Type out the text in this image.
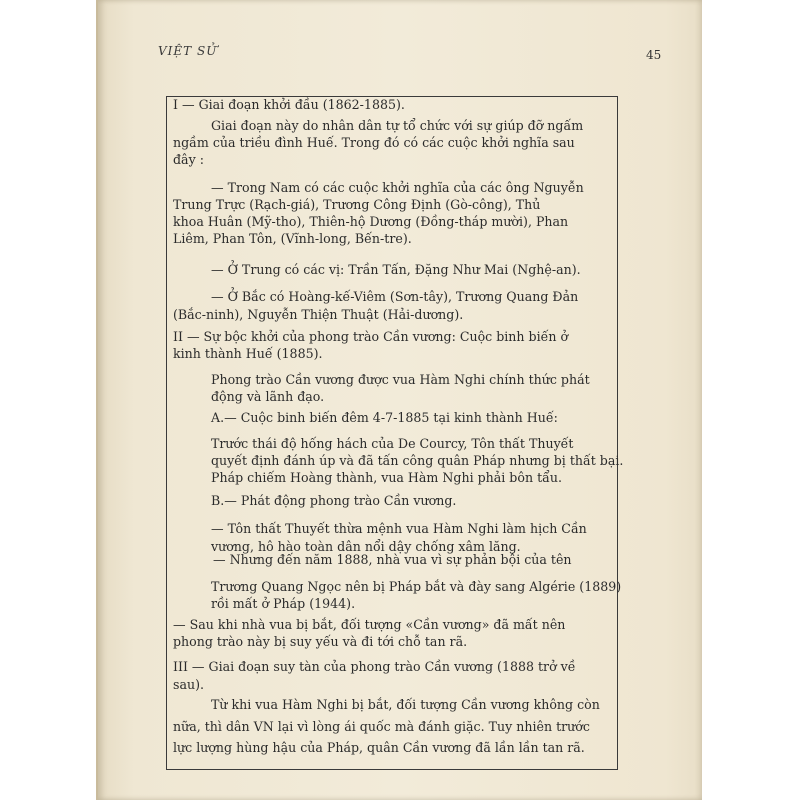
VIỆT SỬ	45
I — Giai đoạn khởi đầu (1862-1885).
Giai đoạn này do nhân dân tự tổ chức với sự giúp đỡ ngấm
ngầm của triều đình Huế. Trong đó có các cuộc khởi nghĩa sau
đây :
— Trong Nam có các cuộc khởi nghĩa của các ông Nguyễn
Trung Trực (Rạch-giá), Trương Công Định (Gò-công), Thủ
khoa Huân (Mỹ-tho), Thiên-hộ Dương (Đồng-tháp mười), Phan
Liêm, Phan Tôn, (Vĩnh-long, Bến-tre).
— Ở Trung có các vị: Trần Tấn, Đặng Như Mai (Nghệ-an).
— Ở Bắc có Hoàng-kế-Viêm (Sơn-tây), Trương Quang Đản
(Bắc-ninh), Nguyễn Thiện Thuật (Hải-dương).
II — Sự bộc khởi của phong trào Cần vương: Cuộc binh biến ở
kinh thành Huế (1885).
Phong trào Cần vương được vua Hàm Nghi chính thức phát
động và lãnh đạo.
A.— Cuộc binh biến đêm 4-7-1885 tại kinh thành Huế:
Trước thái độ hống hách của De Courcy, Tôn thất Thuyết
quyết định đánh úp và đã tấn công quân Pháp nhưng bị thất bại.
Pháp chiếm Hoàng thành, vua Hàm Nghi phải bôn tẩu.
B.— Phát động phong trào Cần vương.
— Tôn thất Thuyết thừa mệnh vua Hàm Nghi làm hịch Cần
vương, hô hào toàn dân nổi dậy chống xâm lăng.
— Nhưng đến năm 1888, nhà vua vì sự phản bội của tên
Trương Quang Ngọc nên bị Pháp bắt và đày sang Algérie (1889)
rồi mất ở Pháp (1944).
— Sau khi nhà vua bị bắt, đối tượng «Cần vương» đã mất nên
phong trào này bị suy yếu và đi tới chỗ tan rã.
III — Giai đoạn suy tàn của phong trào Cần vương (1888 trở về
sau).
Từ khi vua Hàm Nghi bị bắt, đối tượng Cần vương không còn
nữa, thì dân VN lại vì lòng ái quốc mà đánh giặc. Tuy nhiên trước
lực lượng hùng hậu của Pháp, quân Cần vương đã lần lần tan rã.
